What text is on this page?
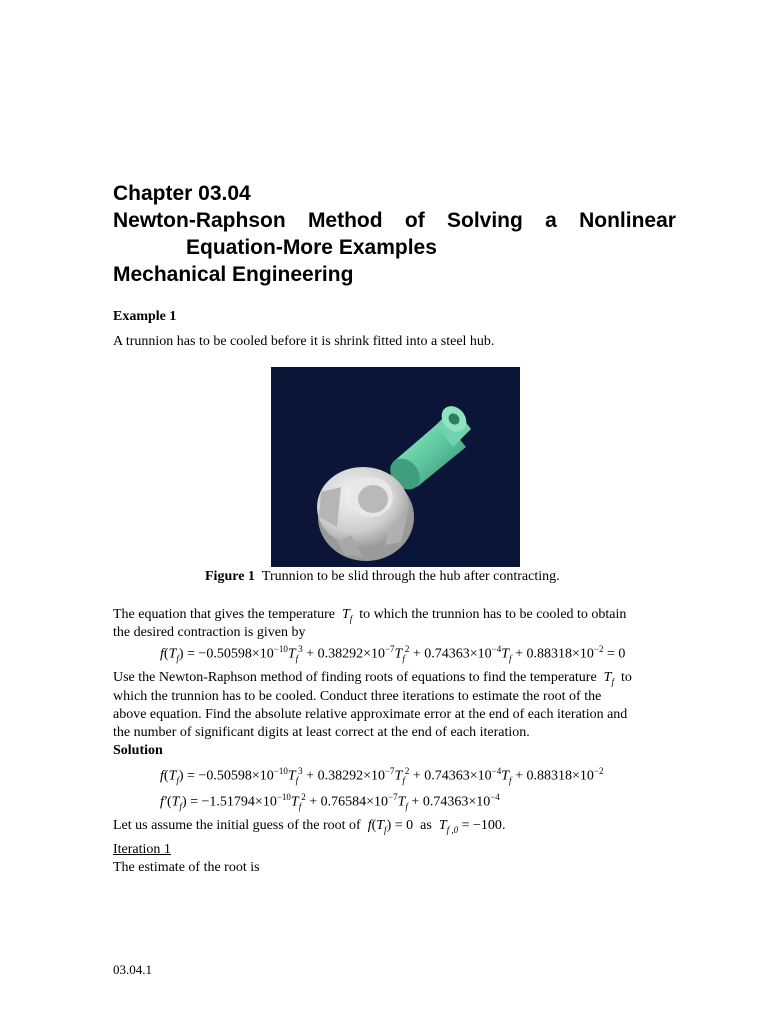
Chapter 03.04
Newton-Raphson Method of Solving a Nonlinear
Equation-More Examples
Mechanical Engineering
Example 1
A trunnion has to be cooled before it is shrink fitted into a steel hub.
Figure 1 Trunnion to be slid through the hub after contracting.
The equation that gives the temperature $T_f$ to which the trunnion has to be cooled to obtain
the desired contraction is given by
$f(T_f) = -0.50598\times 10^{-10}T_f^3 + 0.38292\times 10^{-7}T_f^2 + 0.74363\times 10^{-4}T_f + 0.88318\times 10^{-2} = 0$
Use the Newton-Raphson method of finding roots of equations to find the temperature $T_f$ to
which the trunnion has to be cooled. Conduct three iterations to estimate the root of the
above equation. Find the absolute relative approximate error at the end of each iteration and
the number of significant digits at least correct at the end of each iteration.
Solution
$f(T_f) = -0.50598\times 10^{-10}T_f^3 + 0.38292\times 10^{-7}T_f^2 + 0.74363\times 10^{-4}T_f + 0.88318\times 10^{-2}$
$f'(T_f) = -1.51794\times 10^{-10}T_f^2 + 0.76584\times 10^{-7}T_f + 0.74363\times 10^{-4}$
Let us assume the initial guess of the root of $f(T_f) = 0$ as $T_{f ,0} = -100$.
Iteration 1
The estimate of the root is
03.04.1
